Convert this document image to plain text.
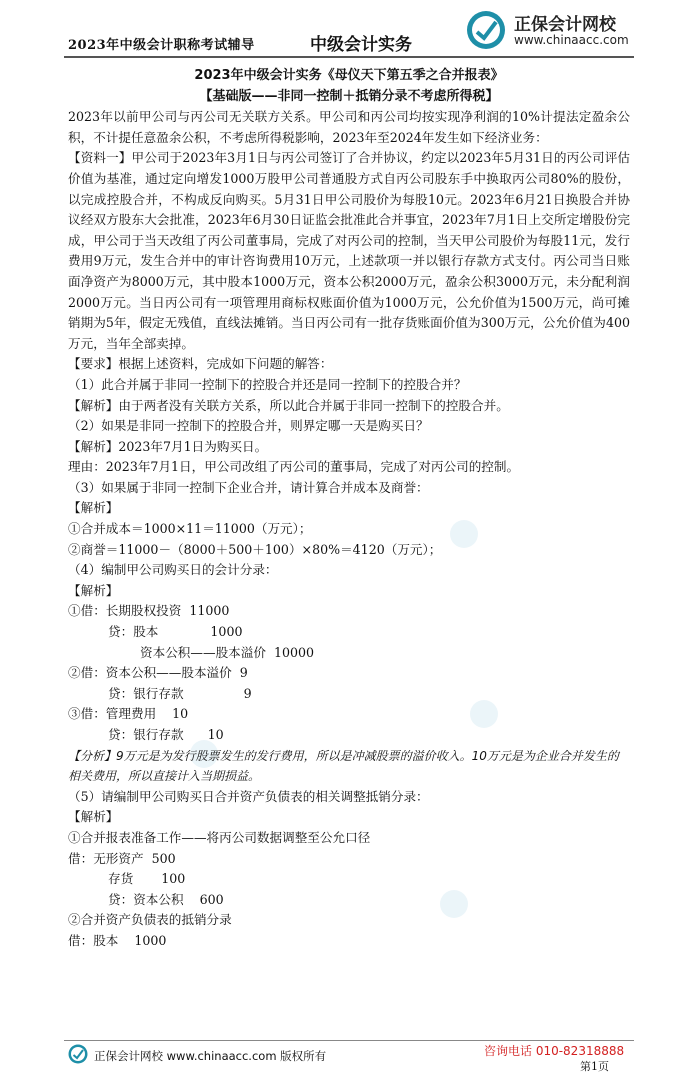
2023年中级会计职称考试辅导	中级会计实务
正保会计网校
www.chinaacc.com

2023年中级会计实务《母仪天下第五季之合并报表》

【基础版——非同一控制＋抵销分录不考虑所得税】

2023年以前甲公司与丙公司无关联方关系。甲公司和丙公司均按实现净利润的10%计提法定盈余公积，不计提任意盈余公积，不考虑所得税影响，2023年至2024年发生如下经济业务：

【资料一】甲公司于2023年3月1日与丙公司签订了合并协议，约定以2023年5月31日的丙公司评估价值为基准，通过定向增发1000万股甲公司普通股方式自丙公司股东手中换取丙公司80%的股份，以完成控股合并，不构成反向购买。5月31日甲公司股价为每股10元。2023年6月21日换股合并协议经双方股东大会批准，2023年6月30日证监会批准此合并事宜，2023年7月1日上交所定增股份完成，甲公司于当天改组了丙公司董事局，完成了对丙公司的控制，当天甲公司股价为每股11元，发行费用9万元，发生合并中的审计咨询费用10万元，上述款项一并以银行存款方式支付。丙公司当日账面净资产为8000万元，其中股本1000万元，资本公积2000万元，盈余公积3000万元，未分配利润2000万元。当日丙公司有一项管理用商标权账面价值为1000万元，公允价值为1500万元，尚可摊销期为5年，假定无残值，直线法摊销。当日丙公司有一批存货账面价值为300万元，公允价值为400万元，当年全部卖掉。

【要求】根据上述资料，完成如下问题的解答：

（1）此合并属于非同一控制下的控股合并还是同一控制下的控股合并？

【解析】由于两者没有关联方关系，所以此合并属于非同一控制下的控股合并。

（2）如果是非同一控制下的控股合并，则界定哪一天是购买日？

【解析】2023年7月1日为购买日。

理由：2023年7月1日，甲公司改组了丙公司的董事局，完成了对丙公司的控制。

（3）如果属于非同一控制下企业合并，请计算合并成本及商誉：

【解析】

①合并成本＝1000×11＝11000（万元）；

②商誉＝11000－（8000＋500＋100）×80%＝4120（万元）；

（4）编制甲公司购买日的会计分录：

【解析】

①借：长期股权投资  11000

贷：股本             1000

资本公积——股本溢价  10000

②借：资本公积——股本溢价  9

贷：银行存款               9

③借：管理费用    10

贷：银行存款      10

【分析】9万元是为发行股票发生的发行费用，所以是冲减股票的溢价收入。10万元是为企业合并发生的相关费用，所以直接计入当期损益。

（5）请编制甲公司购买日合并资产负债表的相关调整抵销分录：

【解析】

①合并报表准备工作——将丙公司数据调整至公允口径

借：无形资产  500

存货       100

贷：资本公积    600

②合并资产负债表的抵销分录

借：股本    1000

正保会计网校 www.chinaacc.com 版权所有	咨询电话 010-82318888
第1页
